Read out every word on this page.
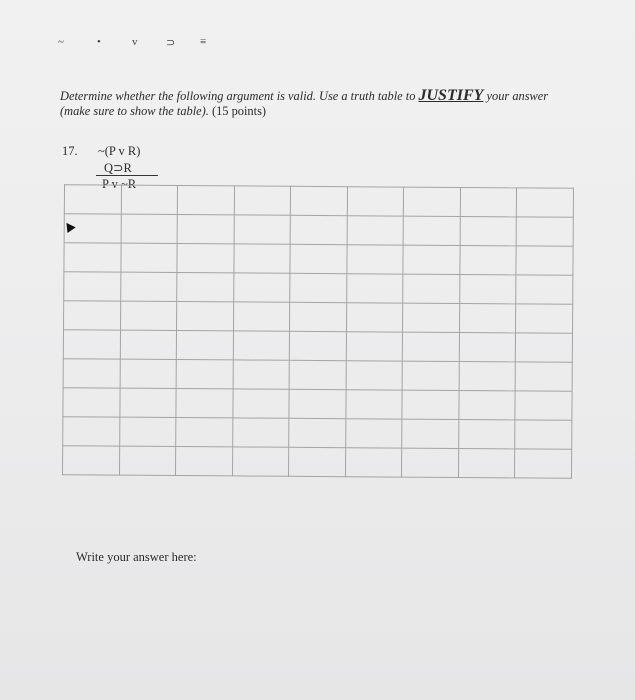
~	•	v	⊃ ≡
Determine whether the following argument is valid. Use a truth table to JUSTIFY your answer (make sure to show the table). (15 points)
17. ~(P v R)
Q⊃R
P v ~R

Write your answer here:
